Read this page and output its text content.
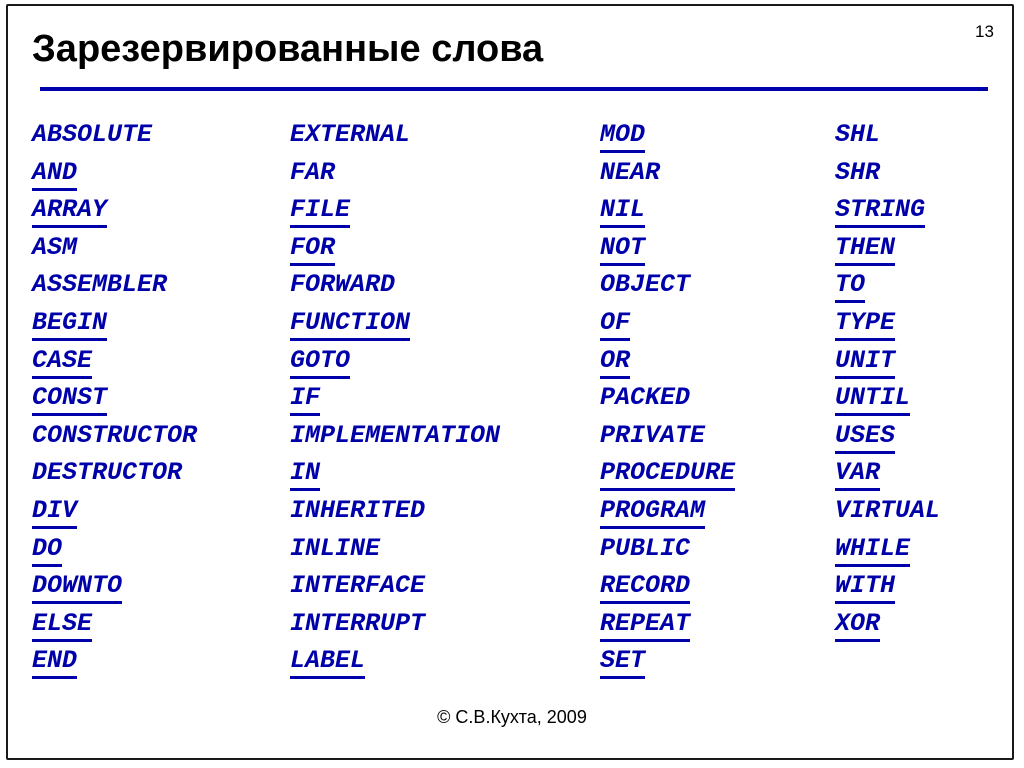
Зарезервированные слова	13
ABSOLUTE
AND
ARRAY
ASM
ASSEMBLER
BEGIN
CASE
CONST
CONSTRUCTOR
DESTRUCTOR
DIV
DO
DOWNTO
ELSE
END
EXTERNAL
FAR
FILE
FOR
FORWARD
FUNCTION
GOTO
IF
IMPLEMENTATION
IN
INHERITED
INLINE
INTERFACE
INTERRUPT
LABEL
MOD
NEAR
NIL
NOT
OBJECT
OF
OR
PACKED
PRIVATE
PROCEDURE
PROGRAM
PUBLIC
RECORD
REPEAT
SET
SHL
SHR
STRING
THEN
TO
TYPE
UNIT
UNTIL
USES
VAR
VIRTUAL
WHILE
WITH
XOR
© С.В.Кухта, 2009
